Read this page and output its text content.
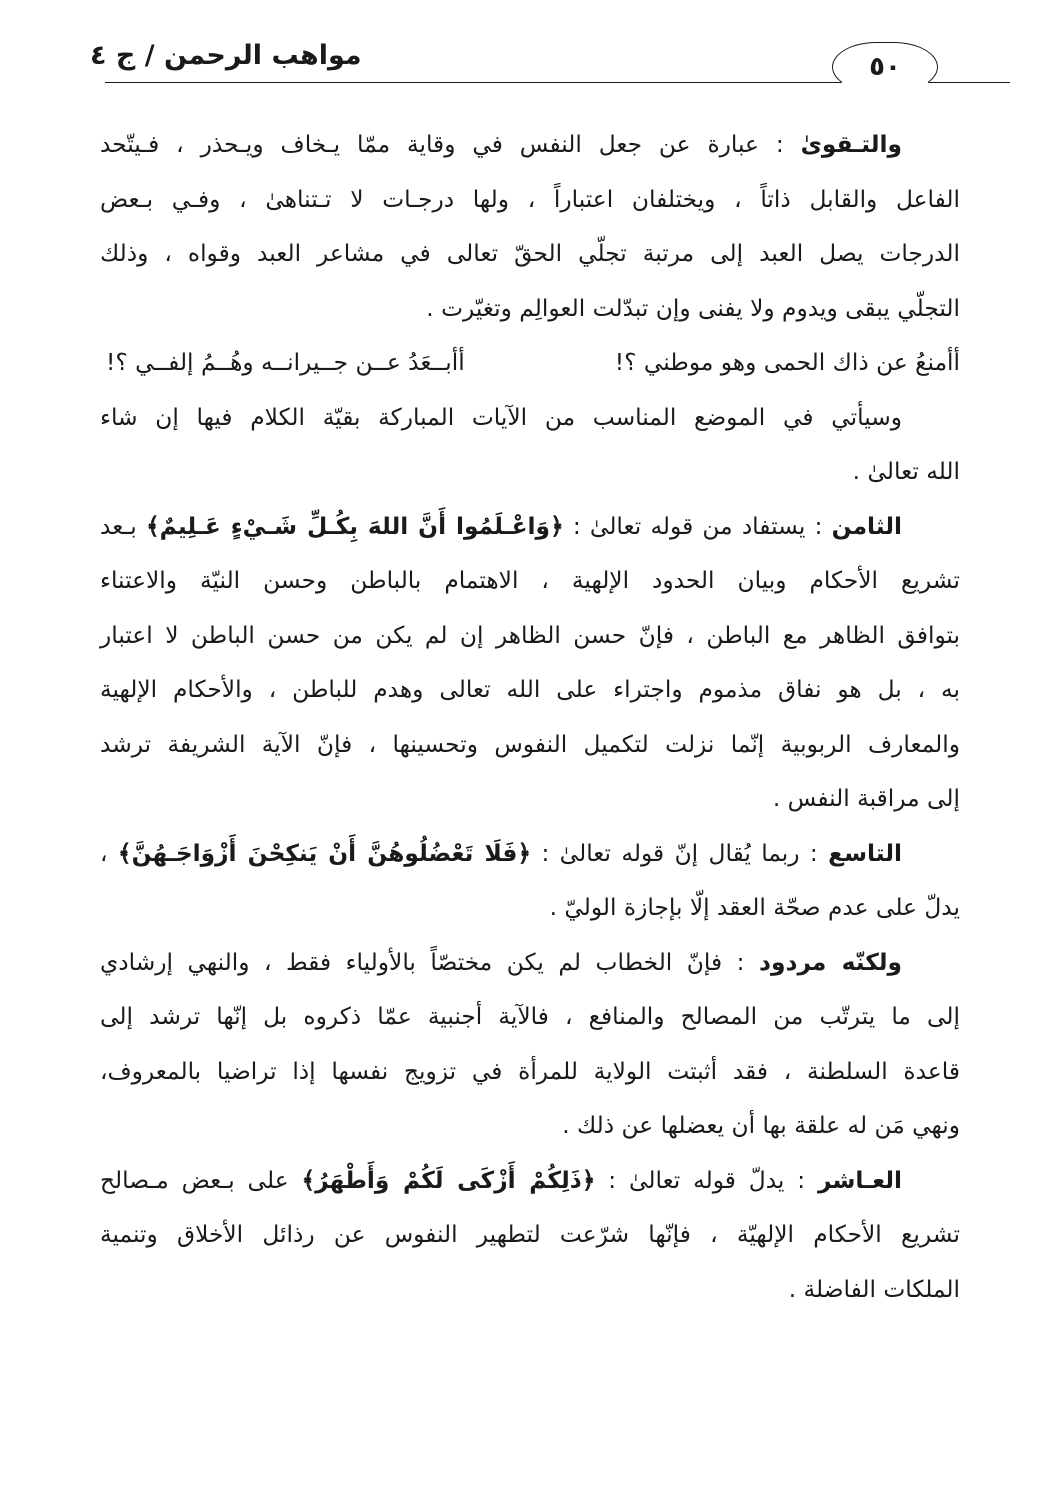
مواهب الرحمن / ج ٤	٥٠
والتـقوىٰ : عبارة عن جعل النفس في وقاية ممّا يـخاف ويـحذر ، فـيتّحد
الفاعل والقابل ذاتاً ، ويختلفان اعتباراً ، ولها درجـات لا تـتناهىٰ ، وفـي بـعض
الدرجات يصل العبد إلى مرتبة تجلّي الحقّ تعالى في مشاعر العبد وقواه ، وذلك
التجلّي يبقى ويدوم ولا يفنى وإن تبدّلت العوالِم وتغيّرت .
أأمنعُ عن ذاك الحمى وهو موطني ؟! أأبــعَدُ عــن جــيرانــه وهُــمُ إلفــي ؟!
وسيأتي في الموضع المناسب من الآيات المباركة بقيّة الكلام فيها إن شاء
الله تعالىٰ .
الثامن : يستفاد من قوله تعالىٰ : ﴿وَاعْـلَمُوا أَنَّ اللهَ بِكُـلِّ شَـيْءٍ عَـلِيمٌ﴾ بـعد
تشريع الأحكام وبيان الحدود الإلهية ، الاهتمام بالباطن وحسن النيّة والاعتناء
بتوافق الظاهر مع الباطن ، فإنّ حسن الظاهر إن لم يكن من حسن الباطن لا اعتبار
به ، بل هو نفاق مذموم واجتراء على الله تعالى وهدم للباطن ، والأحكام الإلهية
والمعارف الربوبية إنّما نزلت لتكميل النفوس وتحسينها ، فإنّ الآية الشريفة ترشد
إلى مراقبة النفس .
التاسع : ربما يُقال إنّ قوله تعالىٰ : ﴿فَلَا تَعْضُلُوهُنَّ أَنْ يَنكِحْنَ أَزْوَاجَـهُنَّ﴾ ،
يدلّ على عدم صحّة العقد إلّا بإجازة الوليّ .
ولكنّه مردود : فإنّ الخطاب لم يكن مختصّاً بالأولياء فقط ، والنهي إرشادي
إلى ما يترتّب من المصالح والمنافع ، فالآية أجنبية عمّا ذكروه بل إنّها ترشد إلى
قاعدة السلطنة ، فقد أثبتت الولاية للمرأة في تزويج نفسها إذا تراضيا بالمعروف،
ونهي مَن له علقة بها أن يعضلها عن ذلك .
العـاشر : يدلّ قوله تعالىٰ : ﴿ذَلِكُمْ أَزْكَى لَكُمْ وَأَطْهَرُ﴾ على بـعض مـصالح
تشريع الأحكام الإلهيّة ، فإنّها شرّعت لتطهير النفوس عن رذائل الأخلاق وتنمية
الملكات الفاضلة .
